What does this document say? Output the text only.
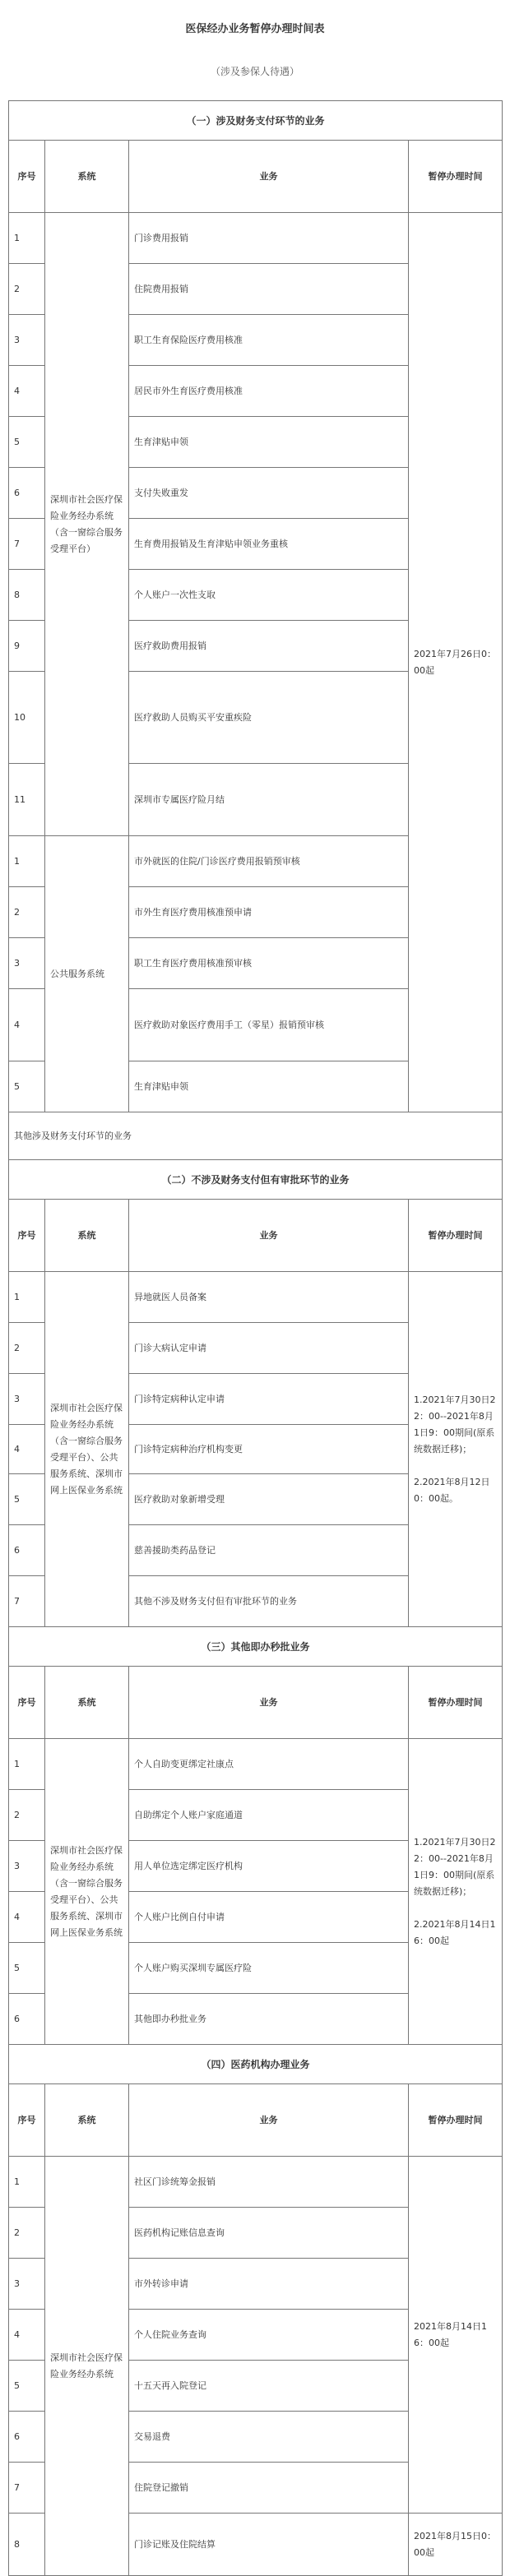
医保经办业务暂停办理时间表
（涉及参保人待遇）
（一）涉及财务支付环节的业务			
序号	系统	业务	暂停办理时间
1	深圳市社会医疗保险业务经办系统（含一窗综合服务受理平台）	门诊费用报销	2021年7月26日0：00起
2		住院费用报销	
3		职工生育保险医疗费用核准	
4		居民市外生育医疗费用核准	
5		生育津贴申领	
6		支付失败重发	
7		生育费用报销及生育津贴申领业务重核	
8		个人账户一次性支取	
9		医疗救助费用报销	
10		医疗救助人员购买平安重疾险	
11		深圳市专属医疗险月结	
1	公共服务系统	市外就医的住院/门诊医疗费用报销预审核	
2		市外生育医疗费用核准预申请	
3		职工生育医疗费用核准预审核	
4		医疗救助对象医疗费用手工（零星）报销预审核	
5		生育津贴申领	
其他涉及财务支付环节的业务			
（二）不涉及财务支付但有审批环节的业务			
序号	系统	业务	暂停办理时间
1	深圳市社会医疗保险业务经办系统（含一窗综合服务受理平台）、公共服务系统、深圳市网上医保业务系统	异地就医人员备案	1.2021年7月30日22：00--2021年8月1日9：00期间(原系统数据迁移)；

2.2021年8月12日0：00起。
2		门诊大病认定申请	
3		门诊特定病种认定申请	
4		门诊特定病种治疗机构变更	
5		医疗救助对象新增受理	
6		慈善援助类药品登记	
7		其他不涉及财务支付但有审批环节的业务	
（三）其他即办秒批业务			
序号	系统	业务	暂停办理时间
1	深圳市社会医疗保险业务经办系统（含一窗综合服务受理平台）、公共服务系统、深圳市网上医保业务系统	个人自助变更绑定社康点	1.2021年7月30日22：00--2021年8月1日9：00期间(原系统数据迁移)；

2.2021年8月14日16：00起
2		自助绑定个人账户家庭通道	
3		用人单位选定绑定医疗机构	
4		个人账户比例自付申请	
5		个人账户购买深圳专属医疗险	
6		其他即办秒批业务	
（四）医药机构办理业务			
序号	系统	业务	暂停办理时间
1	深圳市社会医疗保险业务经办系统	社区门诊统筹金报销	2021年8月14日16：00起
2		医药机构记账信息查询	
3		市外转诊申请	
4		个人住院业务查询	
5		十五天再入院登记	
6		交易退费	
7		住院登记撤销	
8		门诊记账及住院结算	2021年8月15日0：00起
